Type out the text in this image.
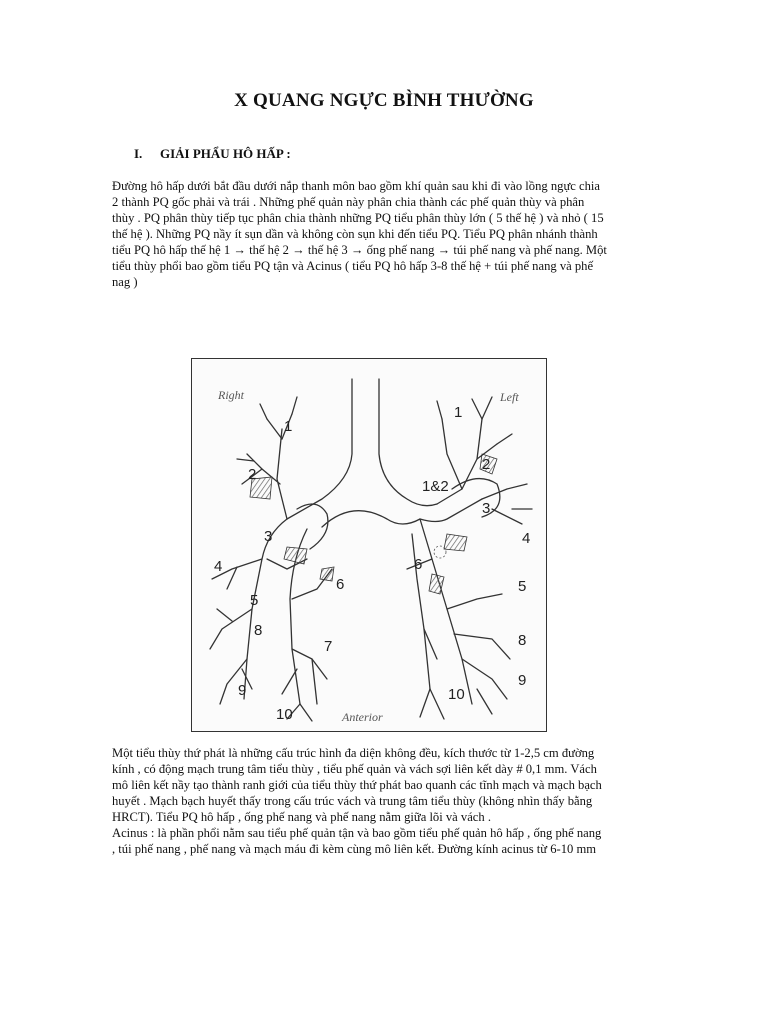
X QUANG NGỰC BÌNH THƯỜNG
I. GIẢI PHẨU HÔ HẤP :
Đường hô hấp dưới bắt đầu dưới nắp thanh môn bao gồm khí quản sau khi đi vào lồng ngực chia
2 thành PQ gốc phải và trái . Những phế quản này phân chia thành các phế quản thùy và phân
thùy . PQ phân thùy tiếp tục phân chia thành những PQ tiểu phân thùy lớn ( 5 thế hệ ) và nhỏ ( 15
thế hệ ). Những PQ nầy ít sụn dần và không còn sụn khi đến tiểu PQ. Tiểu PQ phân nhánh thành
tiểu PQ hô hấp thế hệ 1 → thế hệ 2 → thế hệ 3 → ống phế nang → túi phế nang và phế nang. Một
tiểu thùy phổi bao gồm tiểu PQ tận và Acinus ( tiểu PQ hô hấp 3-8 thế hệ + túi phế nang và phế
nag )
Right	Left
Anterior
1
2
3
4
5
6
7
8
9
10
1
2
1&2
3
4
5
6
8
9
10
Một tiểu thùy thứ phát là những cấu trúc hình đa diện không đều, kích thước từ 1-2,5 cm đường
kính , có động mạch trung tâm tiểu thùy , tiểu phế quản và vách sợi liên kết dày # 0,1 mm. Vách
mô liên kết nầy tạo thành ranh giới của tiểu thùy thứ phát bao quanh các tĩnh mạch và mạch bạch
huyết . Mạch bạch huyết thấy trong cấu trúc vách và trung tâm tiểu thùy (không nhìn thấy bằng
HRCT). Tiểu PQ hô hấp , ống phế nang và phế nang nằm giữa lõi và vách .
Acinus : là phần phổi nằm sau tiểu phế quản tận và bao gồm tiểu phế quản hô hấp , ống phế nang
, túi phế nang , phế nang và mạch máu đi kèm cùng mô liên kết. Đường kính acinus từ 6-10 mm
